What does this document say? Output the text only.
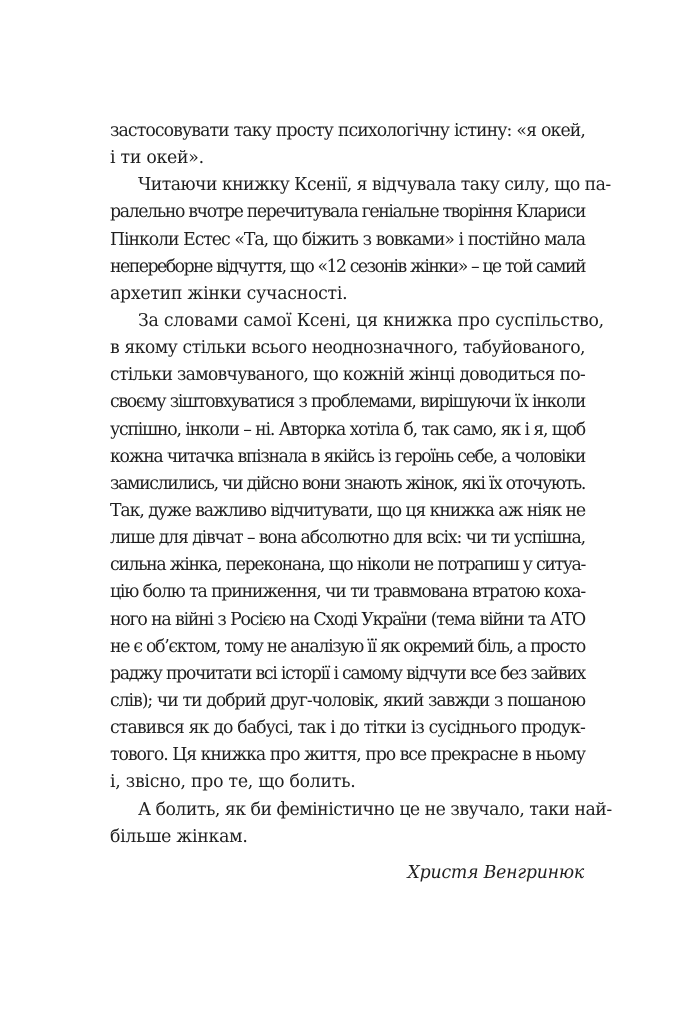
застосовувати таку просту психологічну істину: «я окей,
і ти окей».
Читаючи книжку Ксенії, я відчувала таку силу, що па-
ралельно вчотре перечитувала геніальне творіння Клариси
Пінколи Естес «Та, що біжить з вовками» і постійно мала
непереборне відчуття, що «12 сезонів жінки» – це той самий
архетип жінки сучасності.
За словами самої Ксені, ця книжка про суспільство,
в якому стільки всього неоднозначного, табуйованого,
стільки замовчуваного, що кожній жінці доводиться по-
своєму зіштовхуватися з проблемами, вирішуючи їх інколи
успішно, інколи – ні. Авторка хотіла б, так само, як і я, щоб
кожна читачка впізнала в якійсь із героїнь себе, а чоловіки
замислились, чи дійсно вони знають жінок, які їх оточують.
Так, дуже важливо відчитувати, що ця книжка аж ніяк не
лише для дівчат – вона абсолютно для всіх: чи ти успішна,
сильна жінка, переконана, що ніколи не потрапиш у ситуа-
цію болю та приниження, чи ти травмована втратою кoха-
ного на війні з Росією на Сході України (тема війни та АТО
не є об’єктом, тому не аналізую її як окремий біль, а просто
раджу прочитати всі історії і самому відчути все без зайвих
слів); чи ти добрий друг-чоловік, який завжди з пошаною
ставився як до бабусі, так і до тітки із сусіднього продук-
тового. Ця книжка про життя, про все прекрасне в ньому
і, звісно, про те, що болить.
А болить, як би феміністично це не звучало, таки най-
більше жінкам.
Христя Венгринюк
